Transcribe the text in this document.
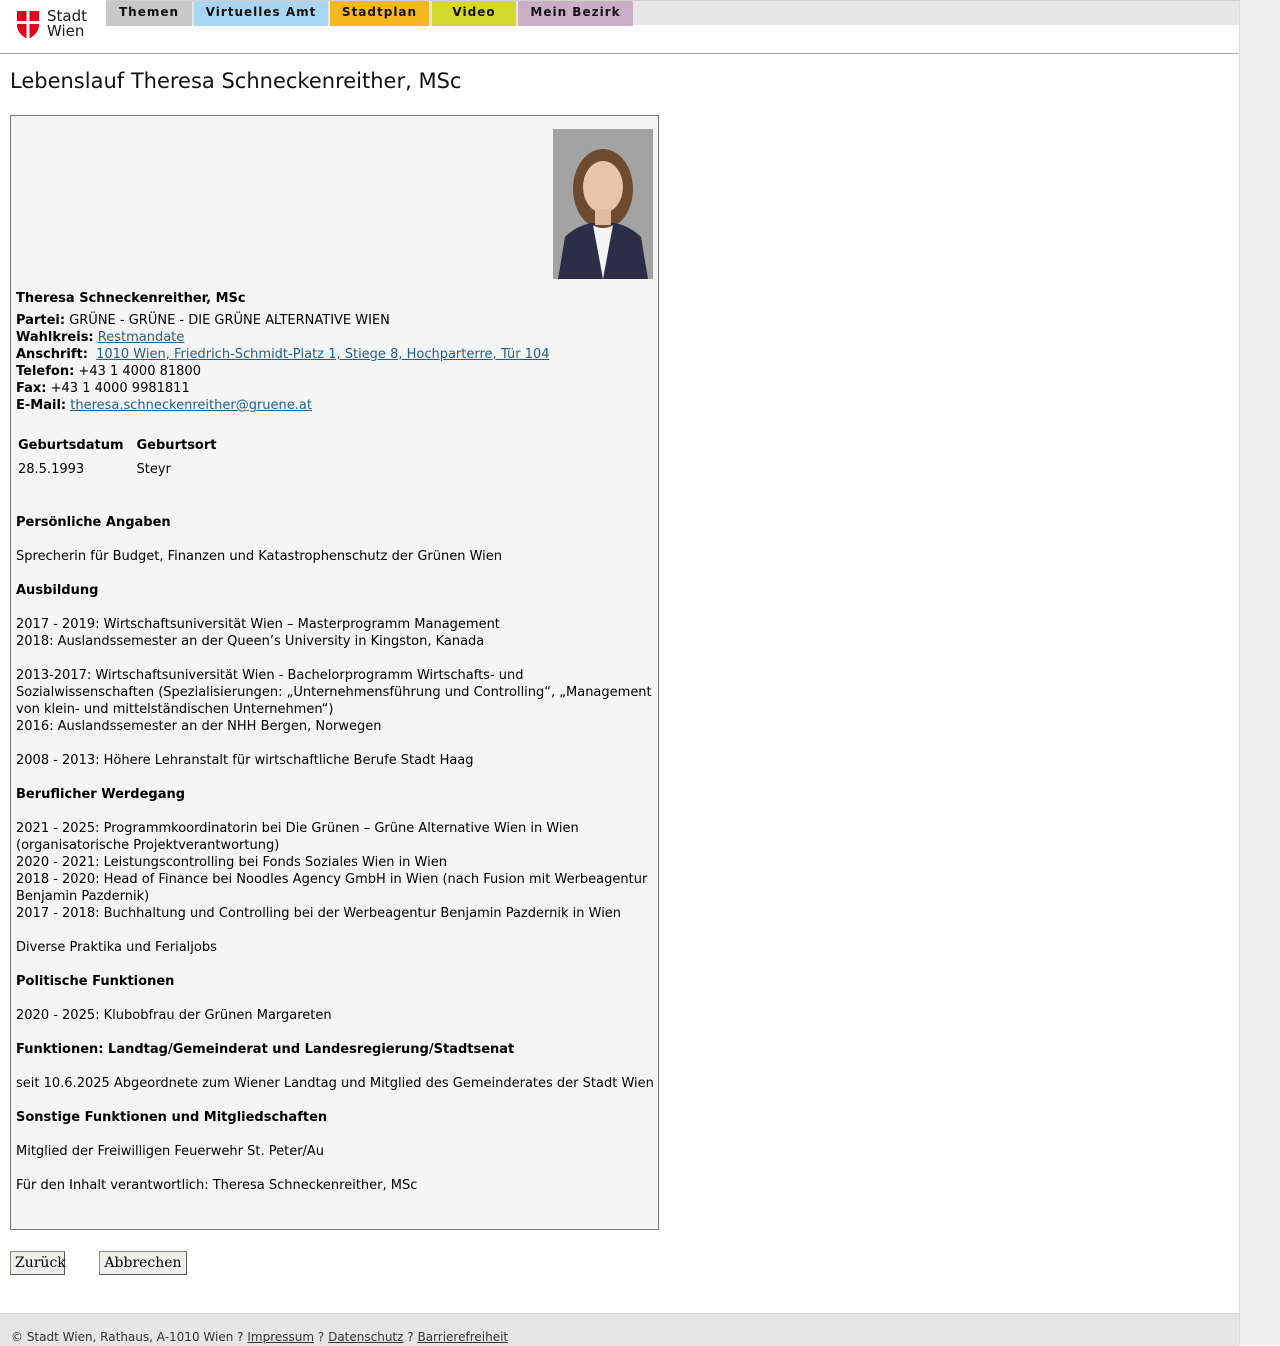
Stadt
Wien
Themen	Virtuelles Amt	Stadtplan	Video	Mein Bezirk
Lebenslauf Theresa Schneckenreither, MSc
Theresa Schneckenreither, MSc
Partei: GRÜNE - GRÜNE - DIE GRÜNE ALTERNATIVE WIEN
Wahlkreis: Restmandate
Anschrift: 1010 Wien, Friedrich-Schmidt-Platz 1, Stiege 8, Hochparterre, Tür 104
Telefon: +43 1 4000 81800
Fax: +43 1 4000 9981811
E-Mail: theresa.schneckenreither@gruene.at
Geburtsdatum	Geburtsort
28.5.1993	Steyr
Persönliche Angaben
Sprecherin für Budget, Finanzen und Katastrophenschutz der Grünen Wien
Ausbildung
2017 - 2019: Wirtschaftsuniversität Wien – Masterprogramm Management
2018: Auslandssemester an der Queen’s University in Kingston, Kanada
2013-2017: Wirtschaftsuniversität Wien - Bachelorprogramm Wirtschafts- und
Sozialwissenschaften (Spezialisierungen: „Unternehmensführung und Controlling“, „Management
von klein- und mittelständischen Unternehmen“)
2016: Auslandssemester an der NHH Bergen, Norwegen
2008 - 2013: Höhere Lehranstalt für wirtschaftliche Berufe Stadt Haag
Beruflicher Werdegang
2021 - 2025: Programmkoordinatorin bei Die Grünen – Grüne Alternative Wien in Wien
(organisatorische Projektverantwortung)
2020 - 2021: Leistungscontrolling bei Fonds Soziales Wien in Wien
2018 - 2020: Head of Finance bei Noodles Agency GmbH in Wien (nach Fusion mit Werbeagentur
Benjamin Pazdernik)
2017 - 2018: Buchhaltung und Controlling bei der Werbeagentur Benjamin Pazdernik in Wien
Diverse Praktika und Ferialjobs
Politische Funktionen
2020 - 2025: Klubobfrau der Grünen Margareten
Funktionen: Landtag/Gemeinderat und Landesregierung/Stadtsenat
seit 10.6.2025 Abgeordnete zum Wiener Landtag und Mitglied des Gemeinderates der Stadt Wien
Sonstige Funktionen und Mitgliedschaften
Mitglied der Freiwilligen Feuerwehr St. Peter/Au
Für den Inhalt verantwortlich: Theresa Schneckenreither, MSc
Zurück	Abbrechen
© Stadt Wien, Rathaus, A-1010 Wien ? Impressum ? Datenschutz ? Barrierefreiheit
